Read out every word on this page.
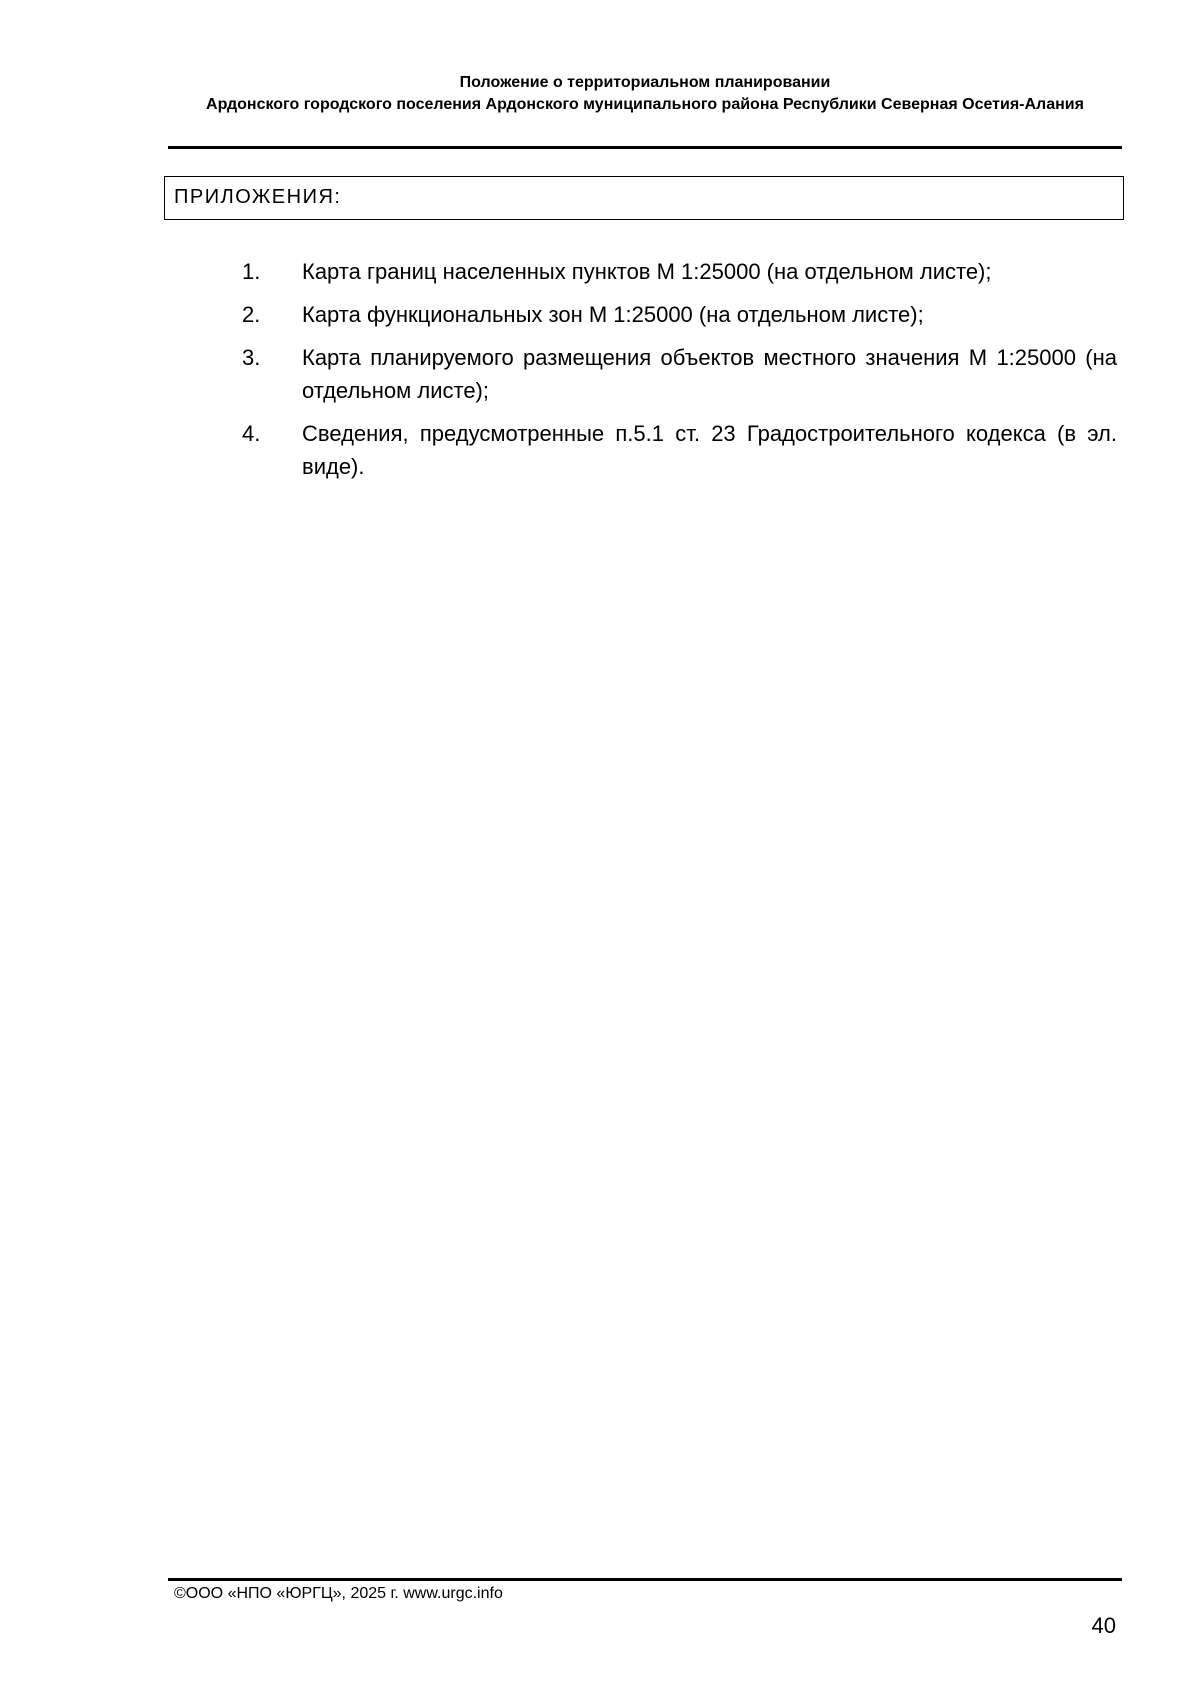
Положение о территориальном планировании
Ардонского городского поселения Ардонского муниципального района Республики Северная Осетия-Алания
ПРИЛОЖЕНИЯ:
1. Карта границ населенных пунктов М 1:25000 (на отдельном листе);
2. Карта функциональных зон М 1:25000 (на отдельном листе);
3. Карта планируемого размещения объектов местного значения М 1:25000 (на отдельном листе);
4. Сведения, предусмотренные п.5.1 ст. 23 Градостроительного кодекса (в эл. виде).
©ООО «НПО «ЮРГЦ», 2025 г. www.urgc.info
40
